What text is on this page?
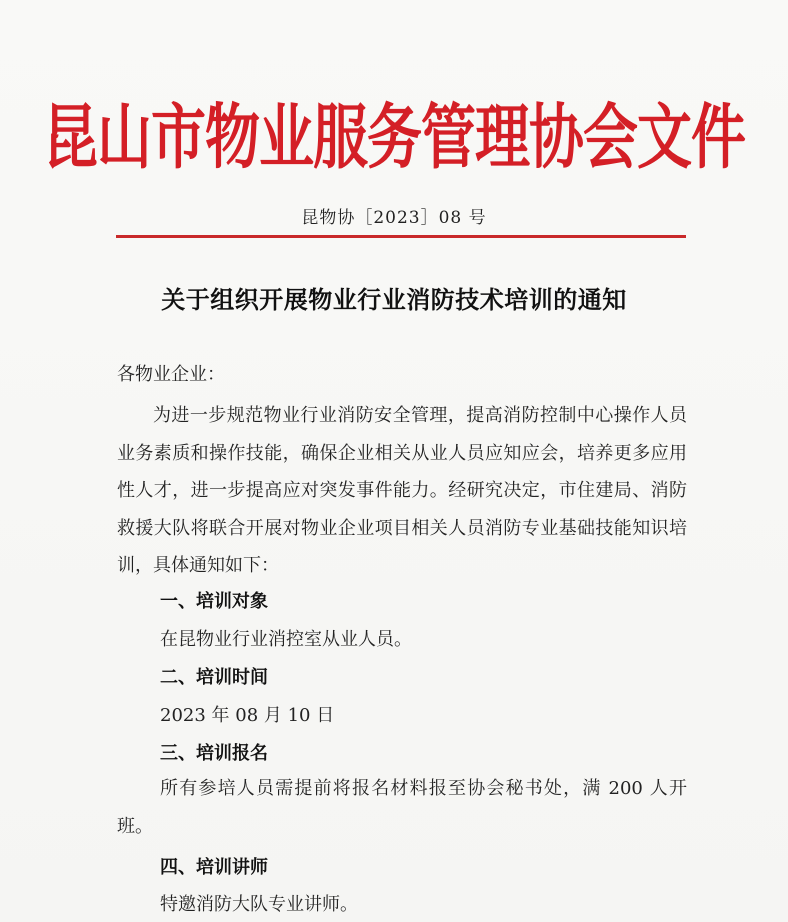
昆山市物业服务管理协会文件
昆物协［2023］08 号
关于组织开展物业行业消防技术培训的通知
各物业企业：
为进一步规范物业行业消防安全管理，提高消防控制中心操作人员业务素质和操作技能，确保企业相关从业人员应知应会，培养更多应用性人才，进一步提高应对突发事件能力。经研究决定，市住建局、消防救援大队将联合开展对物业企业项目相关人员消防专业基础技能知识培训，具体通知如下：
一、培训对象
在昆物业行业消控室从业人员。
二、培训时间
2023 年 08 月 10 日
三、培训报名
所有参培人员需提前将报名材料报至协会秘书处，满 200 人开班。
四、培训讲师
特邀消防大队专业讲师。
